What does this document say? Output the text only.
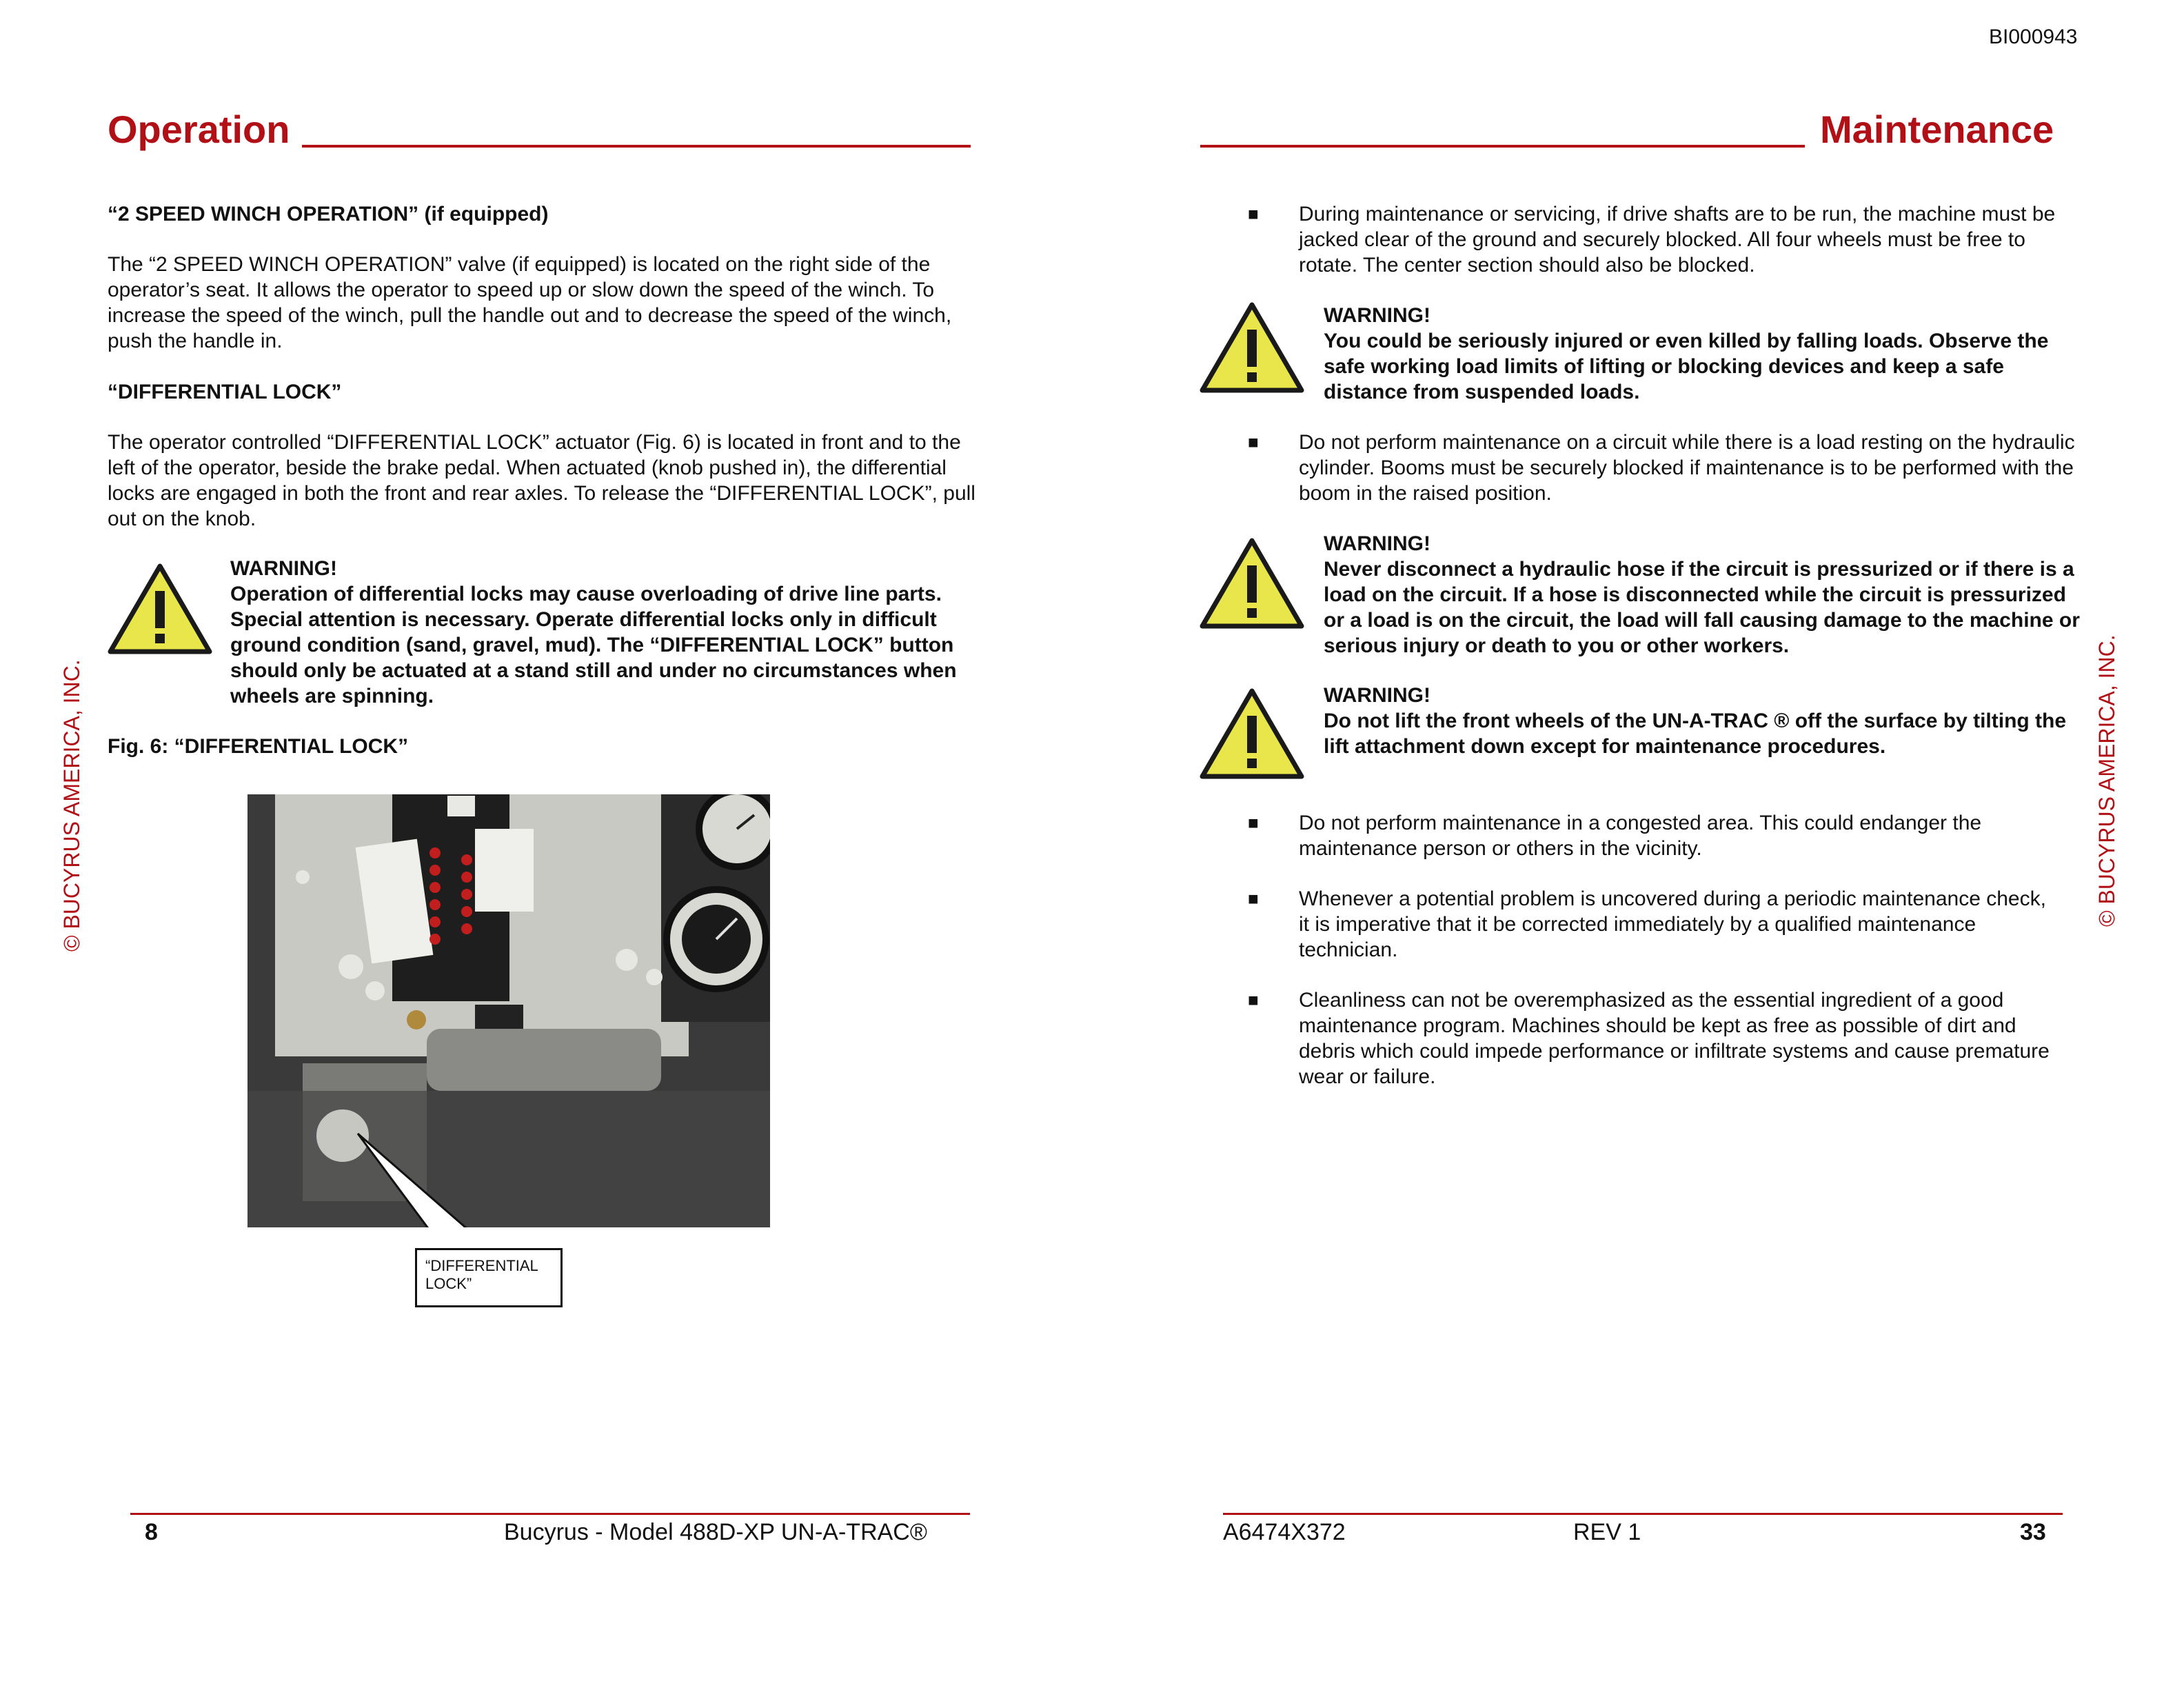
BI000943
Operation
“2 SPEED WINCH OPERATION” (if equipped)

The “2 SPEED WINCH OPERATION” valve (if equipped) is located on the right side of the operator’s seat. It allows the operator to speed up or slow down the speed of the winch. To increase the speed of the winch, pull the handle out and to decrease the speed of the winch, push the handle in.

“DIFFERENTIAL LOCK”

The operator controlled “DIFFERENTIAL LOCK” actuator (Fig. 6) is located in front and to the left of the operator, beside the brake pedal. When actuated (knob pushed in), the differential locks are engaged in both the front and rear axles. To release the “DIFFERENTIAL LOCK”, pull out on the knob.

WARNING!

Operation of differential locks may cause overloading of drive line parts. Special attention is necessary. Operate differential locks only in difficult ground condition (sand, gravel, mud). The “DIFFERENTIAL LOCK” button should only be actuated at a stand still and under no circumstances when wheels are spinning.

Fig. 6: “DIFFERENTIAL LOCK”
“DIFFERENTIAL
LOCK”
© BUCYRUS AMERICA, INC.
8	Bucyrus - Model 488D-XP UN-A-TRAC®
Maintenance
■ During maintenance or servicing, if drive shafts are to be run, the machine must be jacked clear of the ground and securely blocked. All four wheels must be free to rotate. The center section should also be blocked.

WARNING!

You could be seriously injured or even killed by falling loads. Observe the safe working load limits of lifting or blocking devices and keep a safe distance from suspended loads.

■ Do not perform maintenance on a circuit while there is a load resting on the hydraulic cylinder. Booms must be securely blocked if maintenance is to be performed with the boom in the raised position.

WARNING!

Never disconnect a hydraulic hose if the circuit is pressurized or if there is a load on the circuit. If a hose is disconnected while the circuit is pressurized or a load is on the circuit, the load will fall causing damage to the machine or serious injury or death to you or other workers.

WARNING!

Do not lift the front wheels of the UN-A-TRAC ® off the surface by tilting the lift attachment down except for maintenance procedures.

■ Do not perform maintenance in a congested area. This could endanger the maintenance person or others in the vicinity.

■ Whenever a potential problem is uncovered during a periodic maintenance check, it is imperative that it be corrected immediately by a qualified maintenance technician.

■ Cleanliness can not be overemphasized as the essential ingredient of a good maintenance program. Machines should be kept as free as possible of dirt and debris which could impede performance or infiltrate systems and cause premature wear or failure.

© BUCYRUS AMERICA, INC.
A6474X372	REV 1	33
